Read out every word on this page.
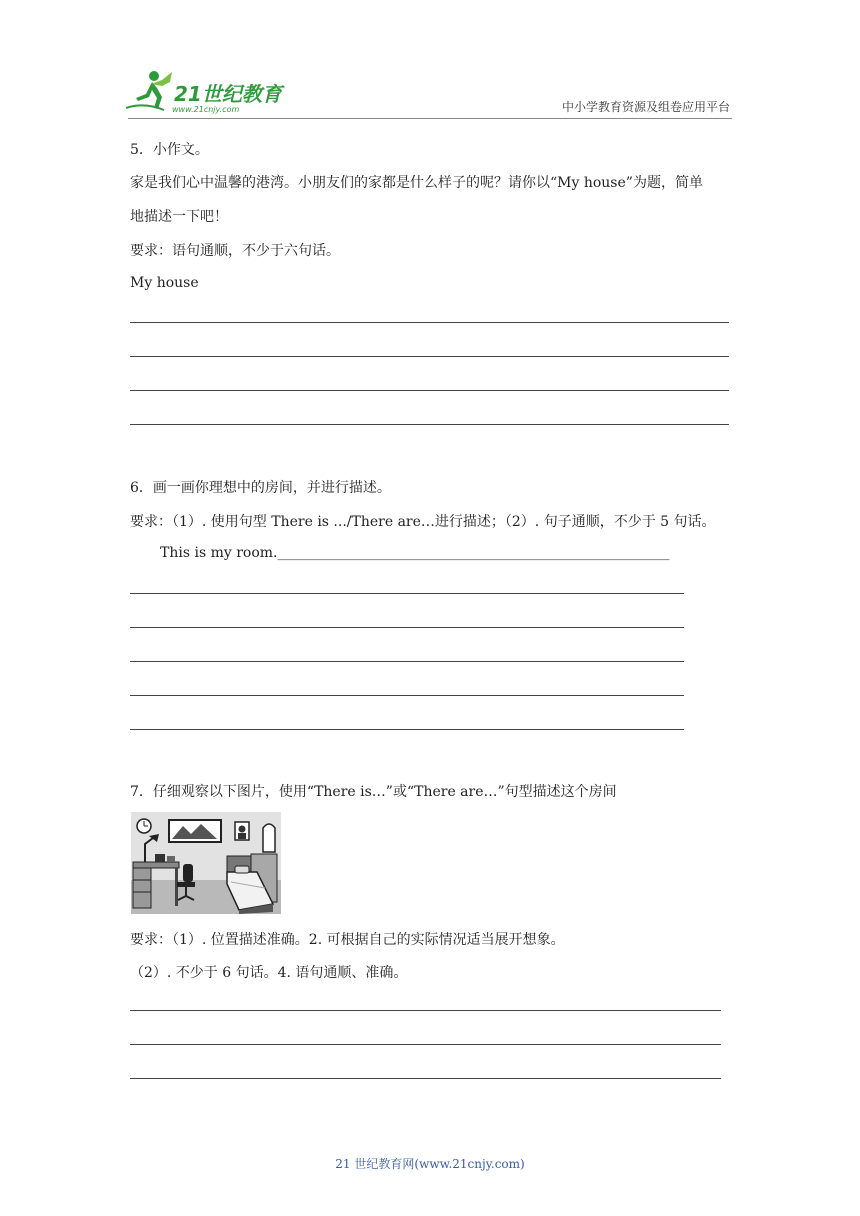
21世纪教育
www.21cnjy.com	中小学教育资源及组卷应用平台
5．小作文。
家是我们心中温馨的港湾。小朋友们的家都是什么样子的呢？请你以“My house”为题，简单
地描述一下吧！
要求：语句通顺，不少于六句话。
My house
6．画一画你理想中的房间，并进行描述。
要求：（1）. 使用句型 There is .../There are…进行描述；（2）. 句子通顺，不少于 5 句话。
This is my room.________________________________________________________
7．仔细观察以下图片，使用“There is…”或“There are…”句型描述这个房间
要求：（1）. 位置描述准确。2. 可根据自己的实际情况适当展开想象。
（2）. 不少于 6 句话。4. 语句通顺、准确。
21 世纪教育网(www.21cnjy.com)
